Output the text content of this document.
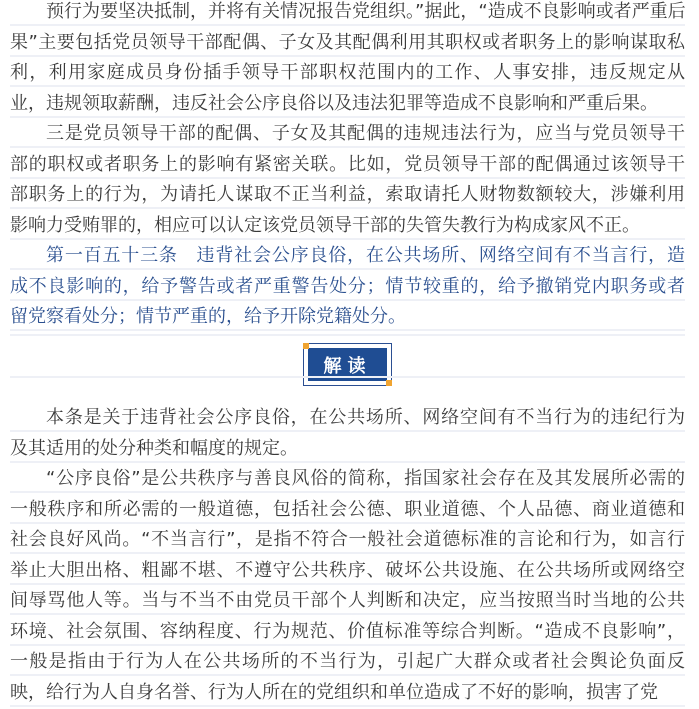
预行为要坚决抵制，并将有关情况报告党组织。”据此，“造成不良影响或者严重后
果”主要包括党员领导干部配偶、子女及其配偶利用其职权或者职务上的影响谋取私
利，利用家庭成员身份插手领导干部职权范围内的工作、人事安排，违反规定从
业，违规领取薪酬，违反社会公序良俗以及违法犯罪等造成不良影响和严重后果。
三是党员领导干部的配偶、子女及其配偶的违规违法行为，应当与党员领导干
部的职权或者职务上的影响有紧密关联。比如，党员领导干部的配偶通过该领导干
部职务上的行为，为请托人谋取不正当利益，索取请托人财物数额较大，涉嫌利用
影响力受贿罪的，相应可以认定该党员领导干部的失管失教行为构成家风不正。
第一百五十三条　违背社会公序良俗，在公共场所、网络空间有不当言行，造
成不良影响的，给予警告或者严重警告处分；情节较重的，给予撤销党内职务或者
留党察看处分；情节严重的，给予开除党籍处分。
解读
本条是关于违背社会公序良俗，在公共场所、网络空间有不当行为的违纪行为
及其适用的处分种类和幅度的规定。
“公序良俗”是公共秩序与善良风俗的简称，指国家社会存在及其发展所必需的
一般秩序和所必需的一般道德，包括社会公德、职业道德、个人品德、商业道德和
社会良好风尚。“不当言行”，是指不符合一般社会道德标准的言论和行为，如言行
举止大胆出格、粗鄙不堪、不遵守公共秩序、破坏公共设施、在公共场所或网络空
间辱骂他人等。当与不当不由党员干部个人判断和决定，应当按照当时当地的公共
环境、社会氛围、容纳程度、行为规范、价值标准等综合判断。“造成不良影响”，
一般是指由于行为人在公共场所的不当行为，引起广大群众或者社会舆论负面反
映，给行为人自身名誉、行为人所在的党组织和单位造成了不好的影响，损害了党
